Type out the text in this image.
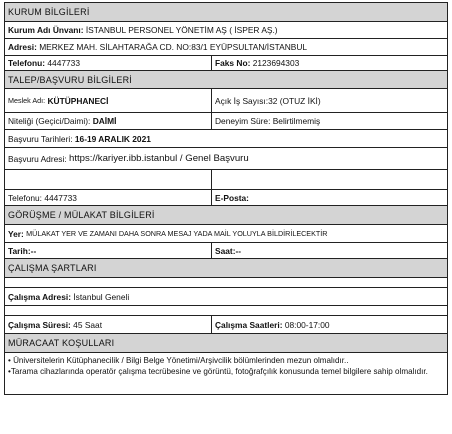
KURUM BİLGİLERİ
Kurum Adı Ünvanı:
İSTANBUL PERSONEL YÖNETİM AŞ ( İSPER AŞ.)
Adresi:
MERKEZ MAH. SİLAHTARAĞA CD. NO:83/1 EYÜPSULTAN/İSTANBUL
Telefonu:
4447733	Faks No:
2123694303
TALEP/BAŞVURU BİLGİLERİ
Meslek Adı:
KÜTÜPHANECİ	Açık İş Sayısı: 32 (OTUZ İKİ)
Niteliği (Geçici/Daimi):
DAİMİ	Deneyim Süre:
Belirtilmemiş
Başvuru Tarihleri:
16-19 ARALIK 2021
Başvuru Adresi:
https://kariyer.ibb.istanbul / Genel Başvuru
Telefonu:
4447733	E-Posta:

GÖRÜŞME / MÜLAKAT BİLGİLERİ
Yer:
MÜLAKAT YER VE ZAMANI DAHA SONRA MESAJ YADA MAİL YOLUYLA BİLDİRİLECEKTİR
Tarih: --	Saat: --
ÇALIŞMA ŞARTLARI
Çalışma Adresi:
İstanbul Geneli
Çalışma Süresi:
45 Saat	Çalışma Saatleri:
08:00-17:00
MÜRACAAT KOŞULLARI
• Üniversitelerin Kütüphanecilik / Bilgi Belge Yönetimi/Arşivcilik bölümlerinden mezun olmalıdır..
•Tarama cihazlarında operatör çalışma tecrübesine ve görüntü, fotoğrafçılık konusunda temel bilgilere sahip olmalıdır.
